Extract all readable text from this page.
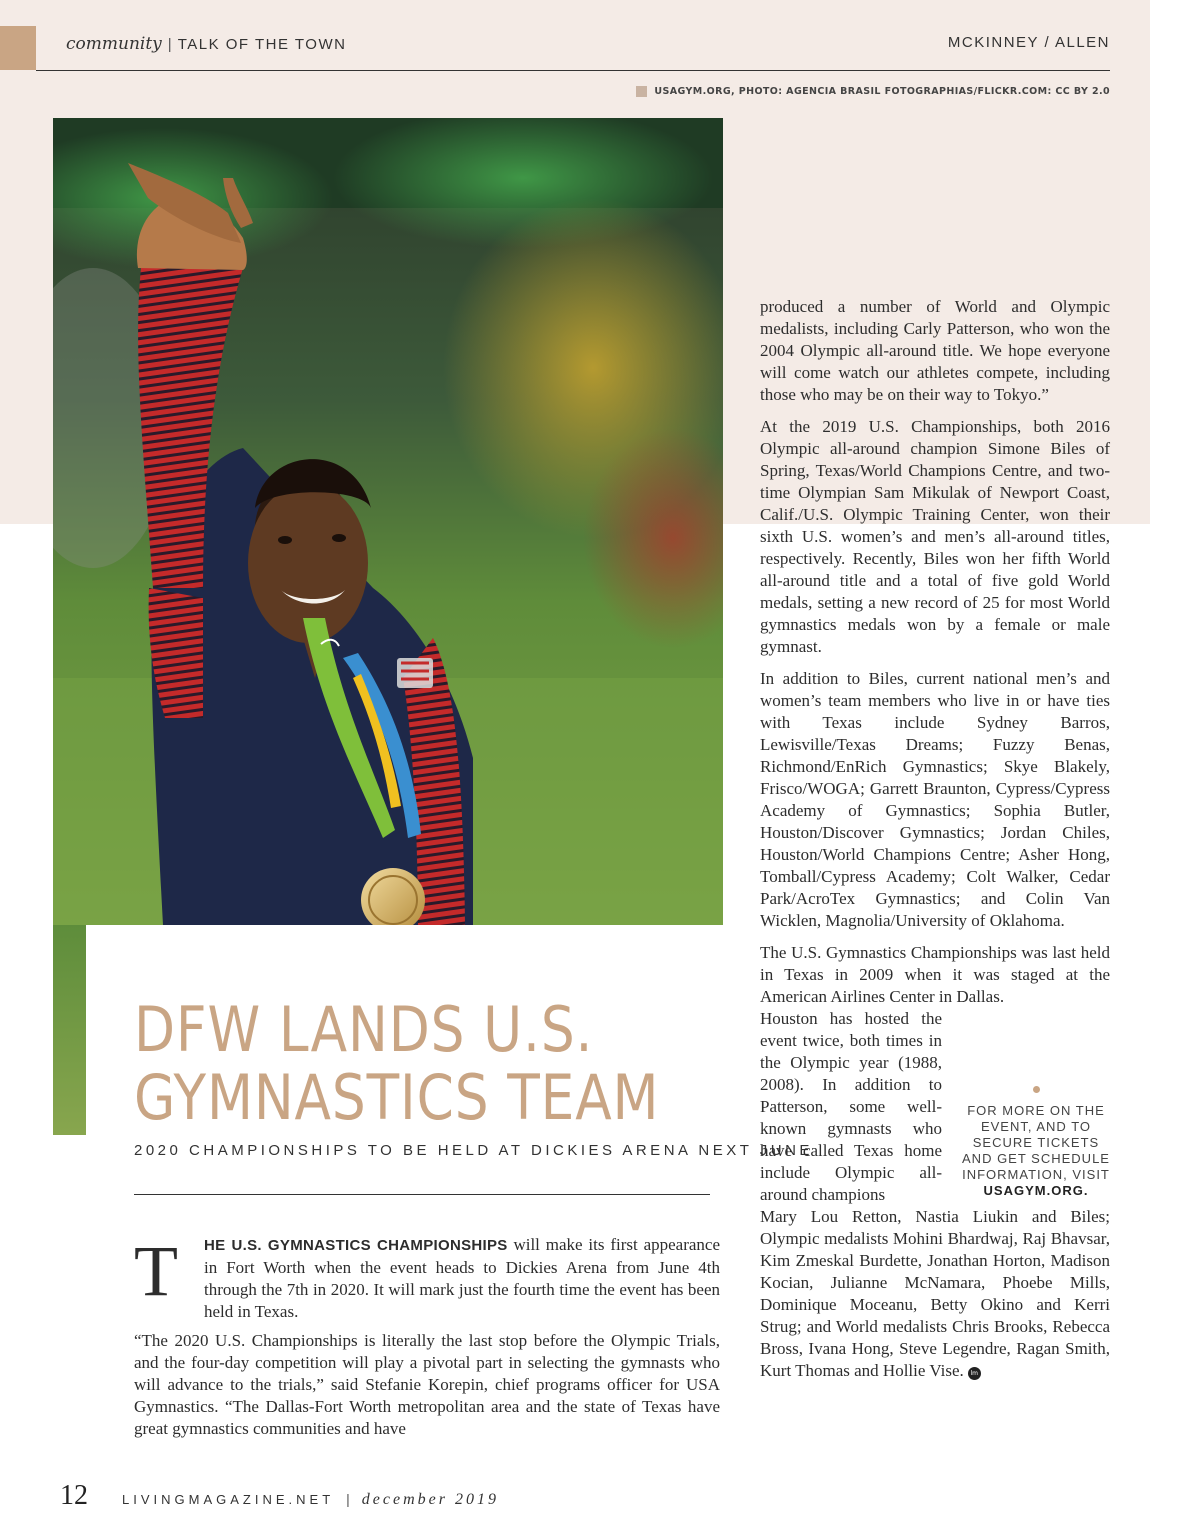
community | TALK OF THE TOWN	MCKINNEY / ALLEN
USAGYM.ORG, PHOTO: AGENCIA BRASIL FOTOGRAPHIAS/FLICKR.COM: CC BY 2.0
DFW LANDS U.S.
GYMNASTICS TEAM
2020 CHAMPIONSHIPS TO BE HELD AT DICKIES ARENA NEXT JUNE
T HE U.S. GYMNASTICS CHAMPIONSHIPS will make its first appearance in Fort Worth when the event heads to Dickies Arena from June 4th through the 7th in 2020. It will mark just the fourth time the event has been held in Texas.

“The 2020 U.S. Championships is literally the last stop before the Olympic Trials, and the four-day competition will play a pivotal part in selecting the gymnasts who will advance to the trials,” said Stefanie Korepin, chief programs officer for USA Gymnastics. “The Dallas-Fort Worth metropolitan area and the state of Texas have great gymnastics communities and have

produced a number of World and Olympic medalists, including Carly Patterson, who won the 2004 Olympic all-around title. We hope everyone will come watch our athletes compete, including those who may be on their way to Tokyo.”

At the 2019 U.S. Championships, both 2016 Olympic all-around champion Simone Biles of Spring, Texas/World Champions Centre, and two-time Olympian Sam Mikulak of Newport Coast, Calif./U.S. Olympic Training Center, won their sixth U.S. women’s and men’s all-around titles, respectively. Recently, Biles won her fifth World all-around title and a total of five gold World medals, setting a new record of 25 for most World gymnastics medals won by a female or male gymnast.

In addition to Biles, current national men’s and women’s team members who live in or have ties with Texas include Sydney Barros, Lewisville/Texas Dreams; Fuzzy Benas, Richmond/EnRich Gymnastics; Skye Blakely, Frisco/WOGA; Garrett Braunton, Cypress/Cypress Academy of Gymnastics; Sophia Butler, Houston/Discover Gymnastics; Jordan Chiles, Houston/World Champions Centre; Asher Hong, Tomball/Cypress Academy; Colt Walker, Cedar Park/AcroTex Gymnastics; and Colin Van Wicklen, Magnolia/University of Oklahoma.

The U.S. Gymnastics Championships was last held in Texas in 2009 when it was staged at the American Airlines Center in Dallas.

Houston has hosted the event twice, both times in the Olympic year (1988, 2008). In addition to Patterson, some well-known gymnasts who have called Texas home include Olympic all-around champions

Mary Lou Retton, Nastia Liukin and Biles; Olympic medalists Mohini Bhardwaj, Raj Bhavsar, Kim Zmeskal Burdette, Jonathan Horton, Madison Kocian, Julianne McNamara, Phoebe Mills, Dominique Moceanu, Betty Okino and Kerri Strug; and World medalists Chris Brooks, Rebecca Bross, Ivana Hong, Steve Legendre, Ragan Smith, Kurt Thomas and Hollie Vise. lm

FOR MORE ON THE EVENT, AND TO SECURE TICKETS AND GET SCHEDULE INFORMATION, VISIT
USAGYM.ORG.
12	LIVINGMAGAZINE.NET | december 2019
